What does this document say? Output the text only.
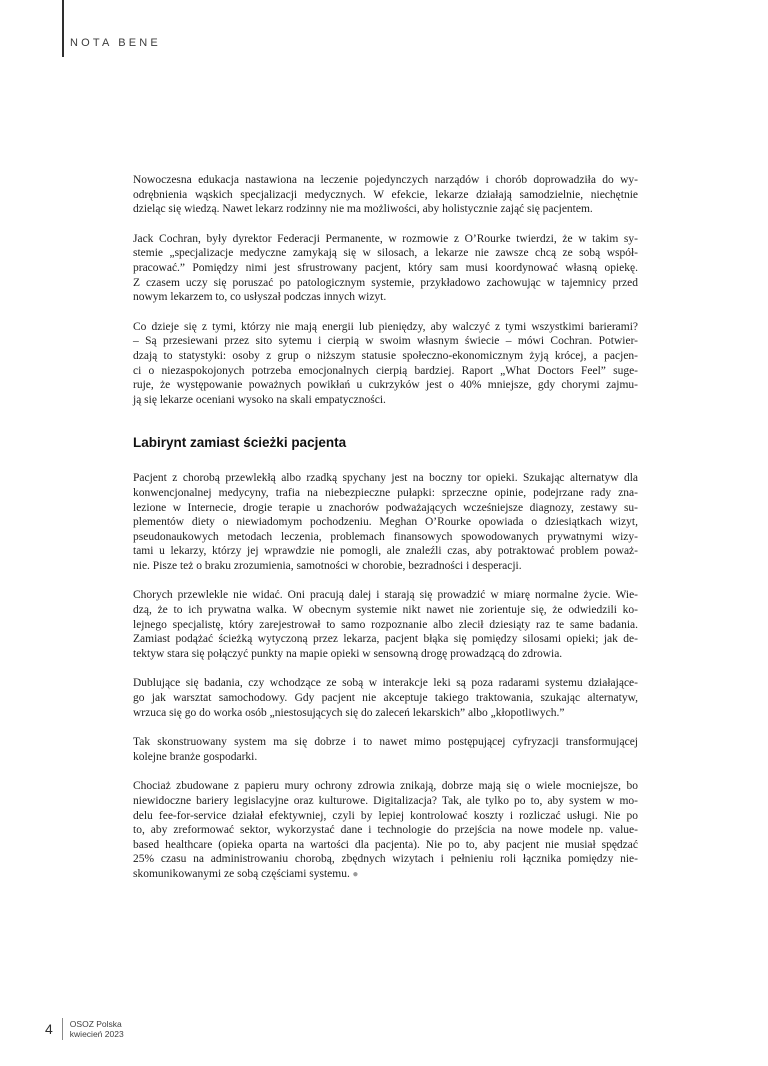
NOTA BENE
Nowoczesna edukacja nastawiona na leczenie pojedynczych narządów i chorób doprowadziła do wy-
odrębnienia wąskich specjalizacji medycznych. W efekcie, lekarze działają samodzielnie, niechętnie
dzieląc się wiedzą. Nawet lekarz rodzinny nie ma możliwości, aby holistycznie zająć się pacjentem.
Jack Cochran, były dyrektor Federacji Permanente, w rozmowie z O’Rourke twierdzi, że w takim sy-
stemie „specjalizacje medyczne zamykają się w silosach, a lekarze nie zawsze chcą ze sobą współ-
pracować.” Pomiędzy nimi jest sfrustrowany pacjent, który sam musi koordynować własną opiekę.
Z czasem uczy się poruszać po patologicznym systemie, przykładowo zachowując w tajemnicy przed
nowym lekarzem to, co usłyszał podczas innych wizyt.
Co dzieje się z tymi, którzy nie mają energii lub pieniędzy, aby walczyć z tymi wszystkimi barierami?
– Są przesiewani przez sito sytemu i cierpią w swoim własnym świecie – mówi Cochran. Potwier-
dzają to statystyki: osoby z grup o niższym statusie społeczno-ekonomicznym żyją krócej, a pacjen-
ci o niezaspokojonych potrzeba emocjonalnych cierpią bardziej. Raport „What Doctors Feel” suge-
ruje, że występowanie poważnych powikłań u cukrzyków jest o 40% mniejsze, gdy chorymi zajmu-
ją się lekarze oceniani wysoko na skali empatyczności.
Labirynt zamiast ścieżki pacjenta
Pacjent z chorobą przewlekłą albo rzadką spychany jest na boczny tor opieki. Szukając alternatyw dla
konwencjonalnej medycyny, trafia na niebezpieczne pułapki: sprzeczne opinie, podejrzane rady zna-
lezione w Internecie, drogie terapie u znachorów podważających wcześniejsze diagnozy, zestawy su-
plementów diety o niewiadomym pochodzeniu. Meghan O’Rourke opowiada o dziesiątkach wizyt,
pseudonaukowych metodach leczenia, problemach finansowych spowodowanych prywatnymi wizy-
tami u lekarzy, którzy jej wprawdzie nie pomogli, ale znaleźli czas, aby potraktować problem poważ-
nie. Pisze też o braku zrozumienia, samotności w chorobie, bezradności i desperacji.
Chorych przewlekle nie widać. Oni pracują dalej i starają się prowadzić w miarę normalne życie. Wie-
dzą, że to ich prywatna walka. W obecnym systemie nikt nawet nie zorientuje się, że odwiedzili ko-
lejnego specjalistę, który zarejestrował to samo rozpoznanie albo zlecił dziesiąty raz te same badania.
Zamiast podążać ścieżką wytyczoną przez lekarza, pacjent błąka się pomiędzy silosami opieki; jak de-
tektyw stara się połączyć punkty na mapie opieki w sensowną drogę prowadzącą do zdrowia.
Dublujące się badania, czy wchodzące ze sobą w interakcje leki są poza radarami systemu działające-
go jak warsztat samochodowy. Gdy pacjent nie akceptuje takiego traktowania, szukając alternatyw,
wrzuca się go do worka osób „niestosujących się do zaleceń lekarskich” albo „kłopotliwych.”
Tak skonstruowany system ma się dobrze i to nawet mimo postępującej cyfryzacji transformującej
kolejne branże gospodarki.
Chociaż zbudowane z papieru mury ochrony zdrowia znikają, dobrze mają się o wiele mocniejsze, bo
niewidoczne bariery legislacyjne oraz kulturowe. Digitalizacja? Tak, ale tylko po to, aby system w mo-
delu fee-for-service działał efektywniej, czyli by lepiej kontrolować koszty i rozliczać usługi. Nie po
to, aby zreformować sektor, wykorzystać dane i technologie do przejścia na nowe modele np. value-
based healthcare (opieka oparta na wartości dla pacjenta). Nie po to, aby pacjent nie musiał spędzać
25% czasu na administrowaniu chorobą, zbędnych wizytach i pełnieniu roli łącznika pomiędzy nie-
skomunikowanymi ze sobą częściami systemu. ●
4 OSOZ Polska
kwiecień 2023
